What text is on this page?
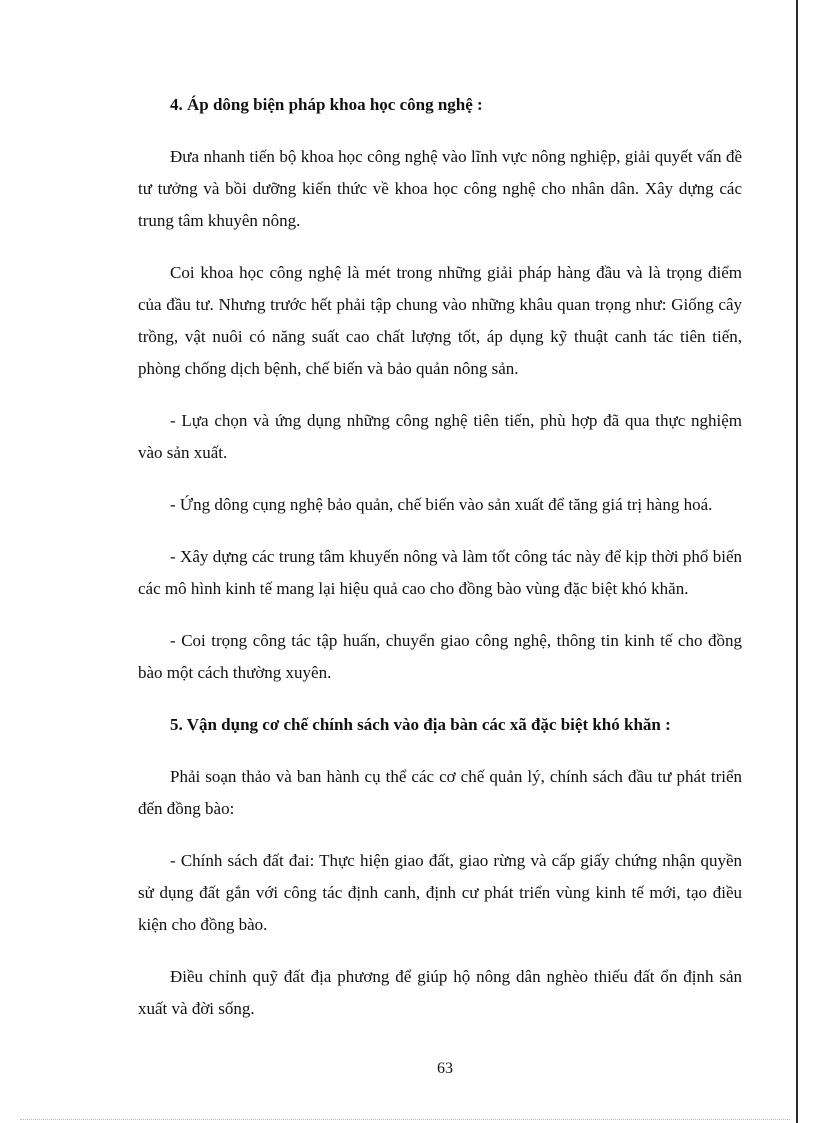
4. Áp dông biện pháp khoa học công nghệ :

Đưa nhanh tiến bộ khoa học công nghệ vào lĩnh vực nông nghiệp, giải quyết vấn đề tư tưởng và bồi dưỡng kiến thức về khoa học công nghệ cho nhân dân. Xây dựng các trung tâm khuyên nông.

Coi khoa học công nghệ là mét trong những giải pháp hàng đầu và là trọng điểm của đầu tư. Nhưng trước hết phải tập chung vào những khâu quan trọng như: Giống cây trồng, vật nuôi có năng suất cao chất lượng tốt, áp dụng kỹ thuật canh tác tiên tiến, phòng chống dịch bệnh, chế biến và bảo quản nông sản.

- Lựa chọn và ứng dụng những công nghệ tiên tiến, phù hợp đã qua thực nghiệm vào sản xuất.

- Ứng dông cụng nghệ bảo quản, chế biến vào sản xuất để tăng giá trị hàng hoá.

- Xây dựng các trung tâm khuyến nông và làm tốt công tác này để kịp thời phổ biến các mô hình kinh tế mang lại hiệu quả cao cho đồng bào vùng đặc biệt khó khăn.

- Coi trọng công tác tập huấn, chuyển giao công nghệ, thông tin kinh tế cho đồng bào một cách thường xuyên.

5. Vận dụng cơ chế chính sách vào địa bàn các xã đặc biệt khó khăn :

Phải soạn thảo và ban hành cụ thể các cơ chế quản lý, chính sách đầu tư phát triển đến đồng bào:

- Chính sách đất đai: Thực hiện giao đất, giao rừng và cấp giấy chứng nhận quyền sử dụng đất gắn với công tác định canh, định cư phát triển vùng kinh tế mới, tạo điều kiện cho đồng bào.

Điều chỉnh quỹ đất địa phương để giúp hộ nông dân nghèo thiếu đất ổn định sản xuất và đời sống.

63
